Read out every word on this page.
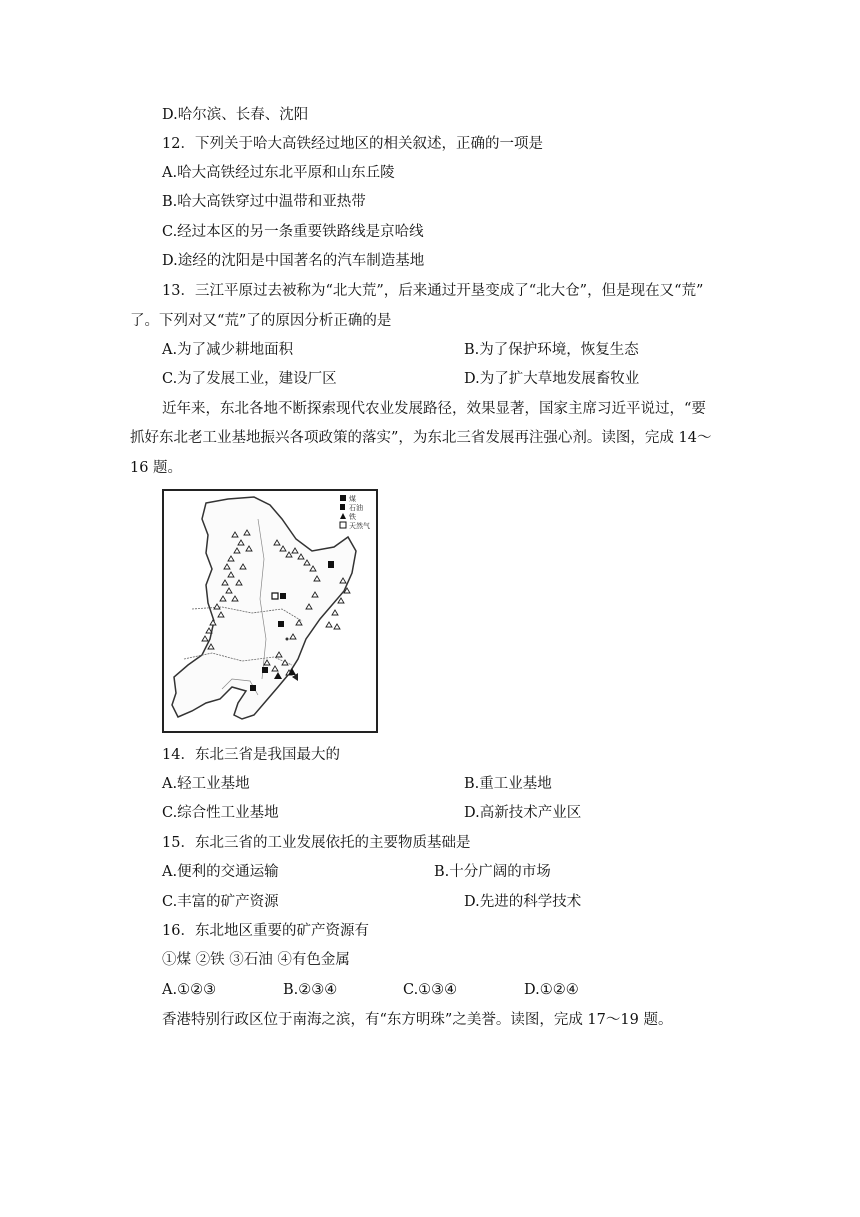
D.哈尔滨、长春、沈阳
12．下列关于哈大高铁经过地区的相关叙述，正确的一项是
A.哈大高铁经过东北平原和山东丘陵
B.哈大高铁穿过中温带和亚热带
C.经过本区的另一条重要铁路线是京哈线
D.途经的沈阳是中国著名的汽车制造基地
13．三江平原过去被称为“北大荒”，后来通过开垦变成了“北大仓”，但是现在又“荒”
了。下列对又“荒”了的原因分析正确的是
A.为了减少耕地面积	B.为了保护环境，恢复生态
C.为了发展工业，建设厂区	D.为了扩大草地发展畜牧业
近年来，东北各地不断探索现代农业发展路径，效果显著，国家主席习近平说过，“要
抓好东北老工业基地振兴各项政策的落实”，为东北三省发展再注强心剂。读图，完成 14～
16 题。
煤
石油
铁
天然气
14．东北三省是我国最大的
A.轻工业基地	B.重工业基地
C.综合性工业基地	D.高新技术产业区
15．东北三省的工业发展依托的主要物质基础是
A.便利的交通运输	B.十分广阔的市场
C.丰富的矿产资源	D.先进的科学技术
16．东北地区重要的矿产资源有
①煤 ②铁 ③石油 ④有色金属
A.①②③	B.②③④	C.①③④	D.①②④
香港特别行政区位于南海之滨，有“东方明珠”之美誉。读图，完成 17～19 题。
